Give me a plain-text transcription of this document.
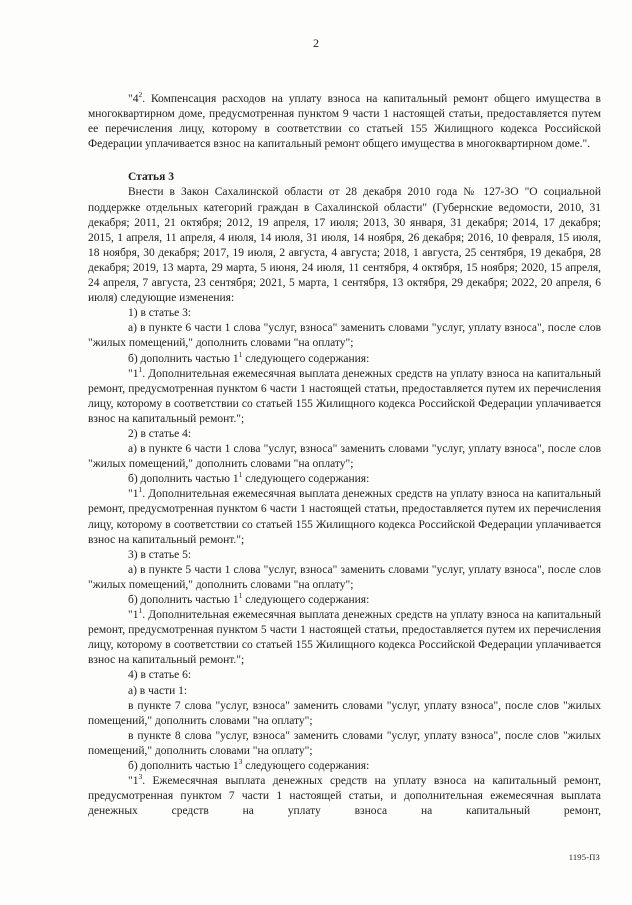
2

"$4^2$. Компенсация расходов на уплату взноса на капитальный ремонт общего имущества в многоквартирном доме, предусмотренная пунктом 9 части 1 настоящей статьи, предоставляется путем ее перечисления лицу, которому в соответствии со статьей 155 Жилищного кодекса Российской Федерации уплачивается взнос на капитальный ремонт общего имущества в многоквартирном доме.".

Статья 3

Внести в Закон Сахалинской области от 28 декабря 2010 года № 127-ЗО "О социальной поддержке отдельных категорий граждан в Сахалинской области" (Губернские ведомости, 2010, 31 декабря; 2011, 21 октября; 2012, 19 апреля, 17 июля; 2013, 30 января, 31 декабря; 2014, 17 декабря; 2015, 1 апреля, 11 апреля, 4 июля, 14 июля, 31 июля, 14 ноября, 26 декабря; 2016, 10 февраля, 15 июля, 18 ноября, 30 декабря; 2017, 19 июля, 2 августа, 4 августа; 2018, 1 августа, 25 сентября, 19 декабря, 28 декабря; 2019, 13 марта, 29 марта, 5 июня, 24 июля, 11 сентября, 4 октября, 15 ноября; 2020, 15 апреля, 24 апреля, 7 августа, 23 сентября; 2021, 5 марта, 1 сентября, 13 октября, 29 декабря; 2022, 20 апреля, 6 июля) следующие изменения:

1) в статье 3:

а) в пункте 6 части 1 слова "услуг, взноса" заменить словами "услуг, уплату взноса", после слов "жилых помещений," дополнить словами "на оплату";

б) дополнить частью $1^1$ следующего содержания:

"$1^1$. Дополнительная ежемесячная выплата денежных средств на уплату взноса на капитальный ремонт, предусмотренная пунктом 6 части 1 настоящей статьи, предоставляется путем их перечисления лицу, которому в соответствии со статьей 155 Жилищного кодекса Российской Федерации уплачивается взнос на капитальный ремонт.";

2) в статье 4:

а) в пункте 6 части 1 слова "услуг, взноса" заменить словами "услуг, уплату взноса", после слов "жилых помещений," дополнить словами "на оплату";

б) дополнить частью $1^1$ следующего содержания:

"$1^1$. Дополнительная ежемесячная выплата денежных средств на уплату взноса на капитальный ремонт, предусмотренная пунктом 6 части 1 настоящей статьи, предоставляется путем их перечисления лицу, которому в соответствии со статьей 155 Жилищного кодекса Российской Федерации уплачивается взнос на капитальный ремонт.";

3) в статье 5:

а) в пункте 5 части 1 слова "услуг, взноса" заменить словами "услуг, уплату взноса", после слов "жилых помещений," дополнить словами "на оплату";

б) дополнить частью $1^1$ следующего содержания:

"$1^1$. Дополнительная ежемесячная выплата денежных средств на уплату взноса на капитальный ремонт, предусмотренная пунктом 5 части 1 настоящей статьи, предоставляется путем их перечисления лицу, которому в соответствии со статьей 155 Жилищного кодекса Российской Федерации уплачивается взнос на капитальный ремонт.";

4) в статье 6:

а) в части 1:

в пункте 7 слова "услуг, взноса" заменить словами "услуг, уплату взноса", после слов "жилых помещений," дополнить словами "на оплату";

в пункте 8 слова "услуг, взноса" заменить словами "услуг, уплату взноса", после слов "жилых помещений," дополнить словами "на оплату";

б) дополнить частью $1^3$ следующего содержания:

"$1^3$. Ежемесячная выплата денежных средств на уплату взноса на капитальный ремонт, предусмотренная пунктом 7 части 1 настоящей статьи, и дополнительная ежемесячная выплата денежных средств на уплату взноса на капитальный ремонт,

1195-ПЗ
